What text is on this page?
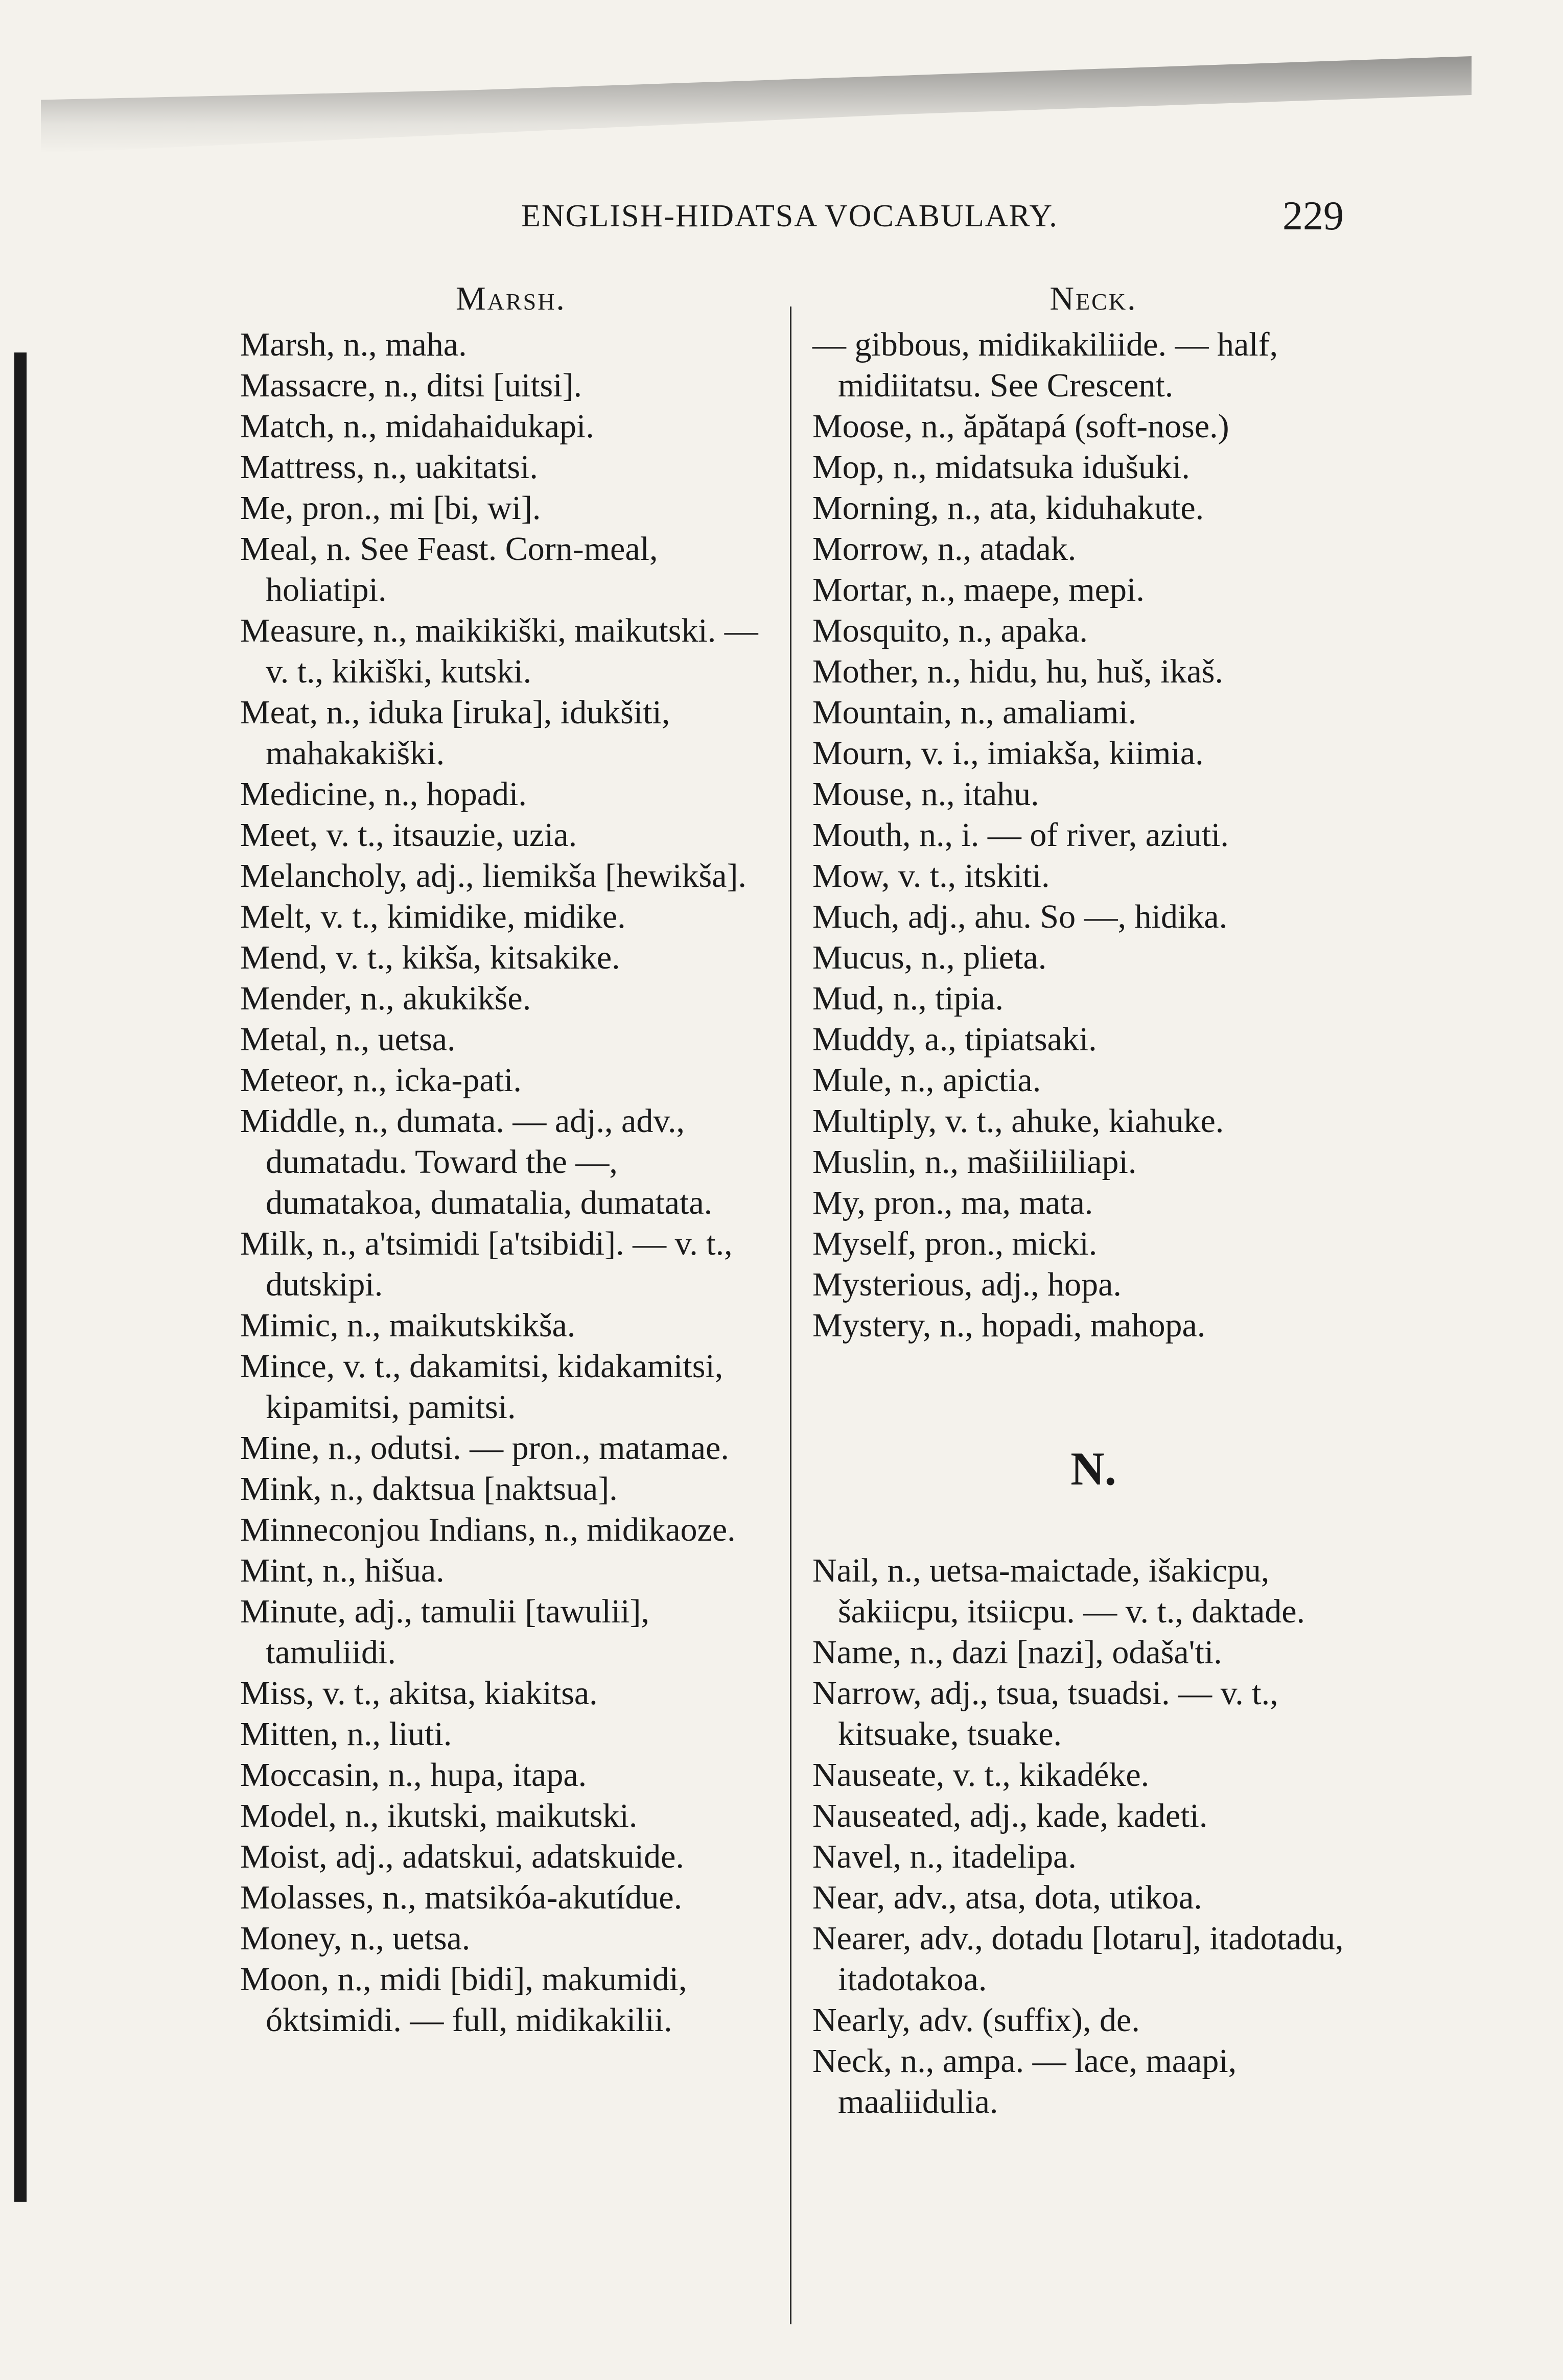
ENGLISH-HIDATSA VOCABULARY.	229

Marsh.

Marsh, n., maha.

Massacre, n., ditsi [uitsi].

Match, n., midahaidukapi.

Mattress, n., uakitatsi.

Me, pron., mi [bi, wi].

Meal, n. See Feast. Corn-meal, holiatipi.

Measure, n., maikikiški, maikutski. — v. t., kikiški, kutski.

Meat, n., iduka [iruka], idukšiti, mahakakiški.

Medicine, n., hopadi.

Meet, v. t., itsauzie, uzia.

Melancholy, adj., liemikša [hewikša].

Melt, v. t., kimidike, midike.

Mend, v. t., kikša, kitsakike.

Mender, n., akukikše.

Metal, n., uetsa.

Meteor, n., icka-pati.

Middle, n., dumata. — adj., adv., dumatadu. Toward the —, dumatakoa, dumatalia, dumatata.

Milk, n., a'tsimidi [a'tsibidi]. — v. t., dutskipi.

Mimic, n., maikutskikša.

Mince, v. t., dakamitsi, kidakamitsi, kipamitsi, pamitsi.

Mine, n., odutsi. — pron., matamae.

Mink, n., daktsua [naktsua].

Minneconjou Indians, n., midikaoze.

Mint, n., hišua.

Minute, adj., tamulii [tawulii], tamuliidi.

Miss, v. t., akitsa, kiakitsa.

Mitten, n., liuti.

Moccasin, n., hupa, itapa.

Model, n., ikutski, maikutski.

Moist, adj., adatskui, adatskuide.

Molasses, n., matsikóa-akutídue.

Money, n., uetsa.

Moon, n., midi [bidi], makumidi, óktsimidi. — full, midikakilii.

Neck.

— gibbous, midikakiliide. — half, midiitatsu. See Crescent.

Moose, n., ăpătapá (soft-nose.)

Mop, n., midatsuka idušuki.

Morning, n., ata, kiduhakute.

Morrow, n., atadak.

Mortar, n., maepe, mepi.

Mosquito, n., apaka.

Mother, n., hidu, hu, huš, ikaš.

Mountain, n., amaliami.

Mourn, v. i., imiakša, kiimia.

Mouse, n., itahu.

Mouth, n., i. — of river, aziuti.

Mow, v. t., itskiti.

Much, adj., ahu. So —, hidika.

Mucus, n., plieta.

Mud, n., tipia.

Muddy, a., tipiatsaki.

Mule, n., apictia.

Multiply, v. t., ahuke, kiahuke.

Muslin, n., mašiiliiliapi.

My, pron., ma, mata.

Myself, pron., micki.

Mysterious, adj., hopa.

Mystery, n., hopadi, mahopa.

N.

Nail, n., uetsa-maictade, išakicpu, šakiicpu, itsiicpu. — v. t., daktade.

Name, n., dazi [nazi], odaša'ti.

Narrow, adj., tsua, tsuadsi. — v. t., kitsuake, tsuake.

Nauseate, v. t., kikadéke.

Nauseated, adj., kade, kadeti.

Navel, n., itadelipa.

Near, adv., atsa, dota, utikoa.

Nearer, adv., dotadu [lotaru], itadotadu, itadotakoa.

Nearly, adv. (suffix), de.

Neck, n., ampa. — lace, maapi, maaliidulia.
